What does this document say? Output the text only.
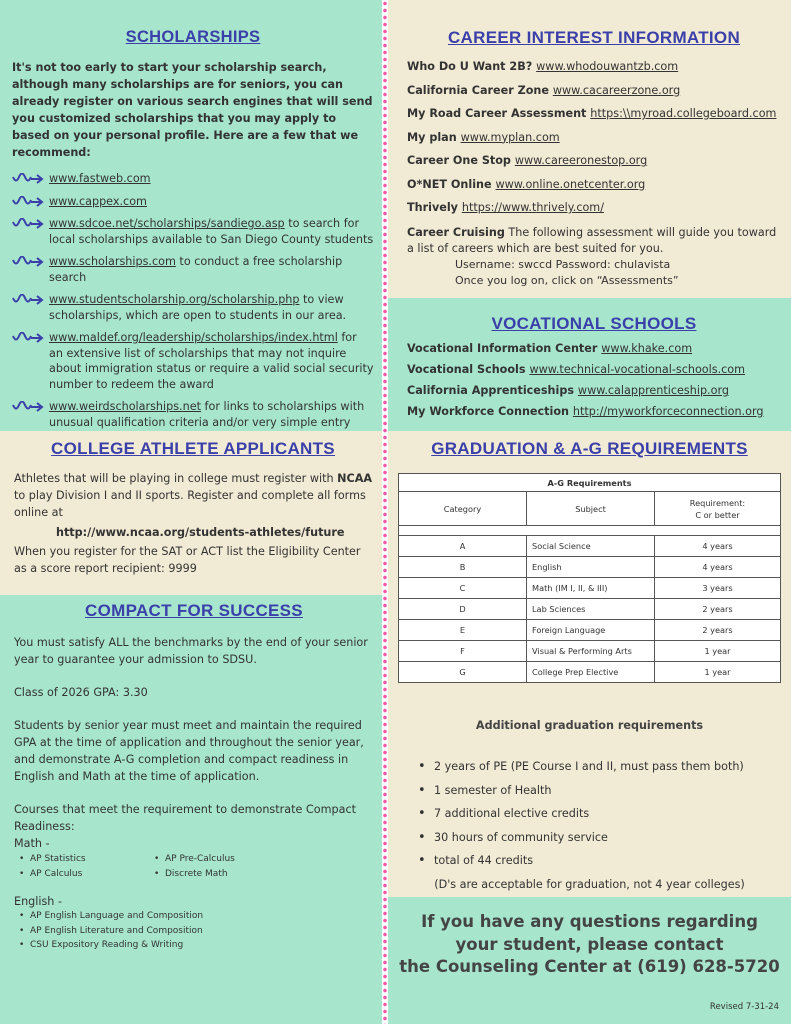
SCHOLARSHIPS

It's not too early to start your scholarship search, although many scholarships are for seniors, you can already register on various search engines that will send you customized scholarships that you may apply to based on your personal profile. Here are a few that we recommend:

www.fastweb.com
www.cappex.com
www.sdcoe.net/scholarships/sandiego.asp to search for local scholarships available to San Diego County students
www.scholarships.com to conduct a free scholarship search
www.studentscholarship.org/scholarship.php to view scholarships, which are open to students in our area.
www.maldef.org/leadership/scholarships/index.html for an extensive list of scholarships that may not inquire about immigration status or require a valid social security number to redeem the award
www.weirdscholarships.net for links to scholarships with unusual qualification criteria and/or very simple entry
COLLEGE ATHLETE APPLICANTS

Athletes that will be playing in college must register with NCAA to play Division I and II sports. Register and complete all forms online at

http://www.ncaa.org/students-athletes/future

When you register for the SAT or ACT list the Eligibility Center as a score report recipient: 9999

COMPACT FOR SUCCESS

You must satisfy ALL the benchmarks by the end of your senior year to guarantee your admission to SDSU.

Class of 2026 GPA: 3.30

Students by senior year must meet and maintain the required GPA at the time of application and throughout the senior year, and demonstrate A-G completion and compact readiness in English and Math at the time of application.

Courses that meet the requirement to demonstrate Compact Readiness:

Math -

• AP Statistics
• AP Calculus
• AP Pre-Calculus
• Discrete Math

English -

• AP English Language and Composition
• AP English Literature and Composition
• CSU Expository Reading & Writing
CAREER INTEREST INFORMATION

Who Do U Want 2B? www.whodouwantzb.com

California Career Zone www.cacareerzone.org

My Road Career Assessment https:\\myroad.collegeboard.com

My plan www.myplan.com

Career One Stop www.careeronestop.org

O*NET Online www.online.onetcenter.org

Thrively https://www.thrively.com/

Career Cruising The following assessment will guide you toward a list of careers which are best suited for you.

Username: swccd Password: chulavista

Once you log on, click on “Assessments”

VOCATIONAL SCHOOLS

Vocational Information Center www.khake.com

Vocational Schools www.technical-vocational-schools.com

California Apprenticeships www.calapprenticeship.org

My Workforce Connection http://myworkforceconnection.org

GRADUATION & A-G REQUIREMENTS
A-G Requirements		
Category	Subject	Requirement:
C or better

A	Social Science	4 years
B	English	4 years
C	Math (IM I, II, & III)	3 years
D	Lab Sciences	2 years
E	Foreign Language	2 years
F	Visual & Performing Arts	1 year
G	College Prep Elective	1 year

Additional graduation requirements

• 2 years of PE (PE Course I and II, must pass them both)
• 1 semester of Health
• 7 additional elective credits
• 30 hours of community service
• total of 44 credits

(D's are acceptable for graduation, not 4 year colleges)

If you have any questions regarding
your student, please contact
the Counseling Center at (619) 628-5720
Revised 7-31-24
